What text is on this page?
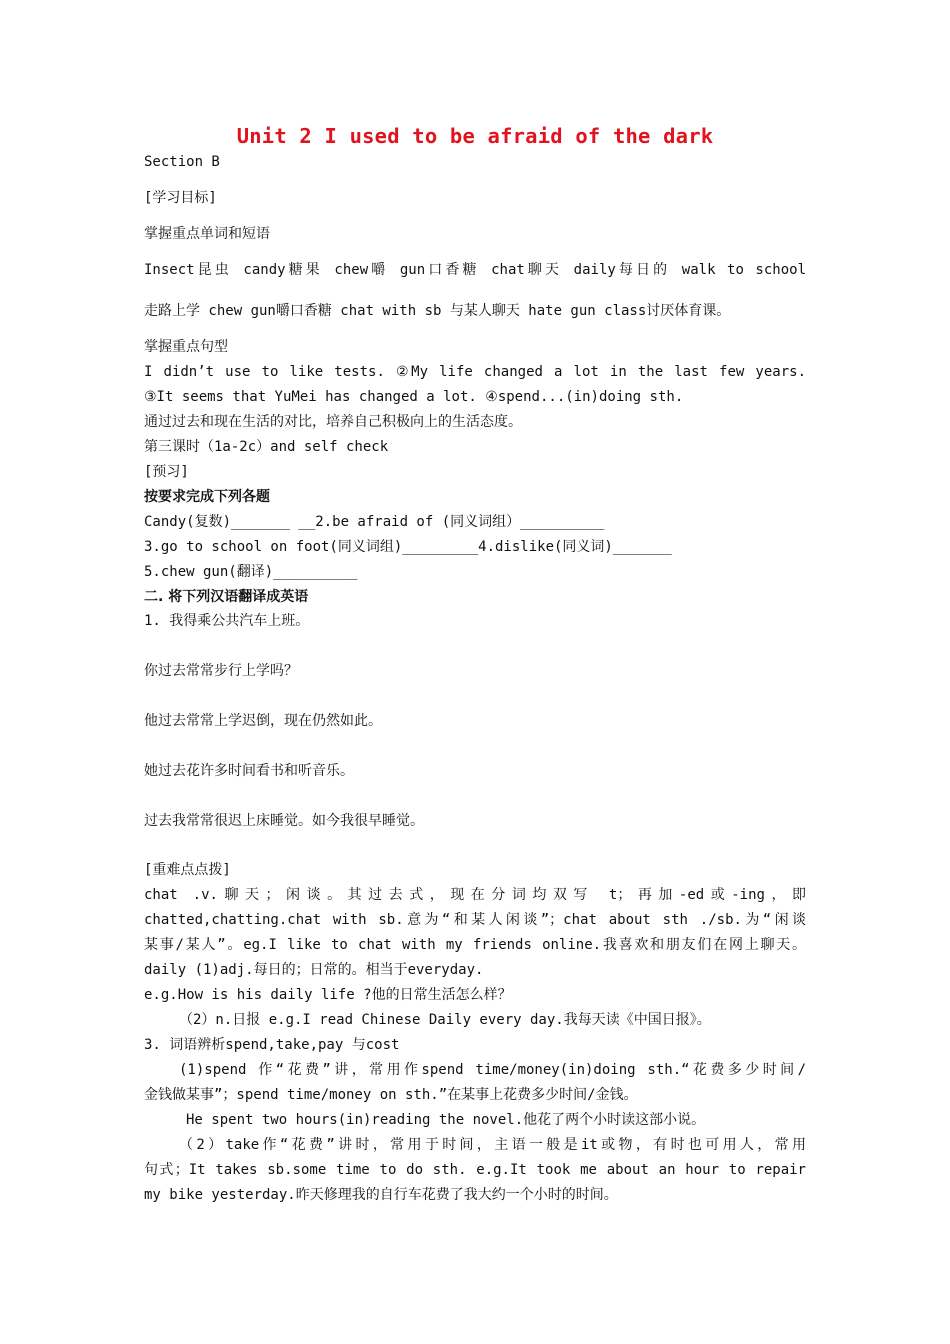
Unit 2 I used to be afraid of the dark
Section B
[学习目标]
掌握重点单词和短语
Insect昆虫 candy糖果 chew嚼 gun口香糖 chat聊天 daily每日的 walk to school
走路上学 chew gun嚼口香糖 chat with sb 与某人聊天 hate gun class讨厌体育课。
掌握重点句型
I didn’t use to like tests. ②My life changed a lot in the last few years.
③It seems that YuMei has changed a lot. ④spend...(in)doing sth.
通过过去和现在生活的对比，培养自己积极向上的生活态度。
第三课时（1a-2c）and self check
[预习]
按要求完成下列各题
Candy(复数)_______ __2.be afraid of (同义词组）__________
3.go to school on foot(同义词组)_________4.dislike(同义词)_______
5.chew gun(翻译)__________
二. 将下列汉语翻译成英语
1. 我得乘公共汽车上班。
你过去常常步行上学吗？
他过去常常上学迟倒，现在仍然如此。
她过去花许多时间看书和听音乐。
过去我常常很迟上床睡觉。如今我很早睡觉。
[重难点点拨]
chat .v.聊天；闲谈。其过去式，现在分词均双写 t；再加-ed或-ing，即
chatted,chatting.chat with sb.意为“和某人闲谈”；chat about sth ./sb.为“闲谈
某事/某人”。eg.I like to chat with my friends online.我喜欢和朋友们在网上聊天。
daily (1)adj.每日的；日常的。相当于everyday.
e.g.How is his daily life ?他的日常生活怎么样？
（2）n.日报 e.g.I read Chinese Daily every day.我每天读《中国日报》。
3. 词语辨析spend,take,pay 与cost
(1)spend 作“花费”讲，常用作spend time/money(in)doing sth.“花费多少时间/
金钱做某事”；spend time/money on sth.”在某事上花费多少时间/金钱。
He spent two hours(in)reading the novel.他花了两个小时读这部小说。
（2）take作“花费”讲时，常用于时间，主语一般是it或物，有时也可用人，常用
句式；It takes sb.some time to do sth. e.g.It took me about an hour to repair
my bike yesterday.昨天修理我的自行车花费了我大约一个小时的时间。
